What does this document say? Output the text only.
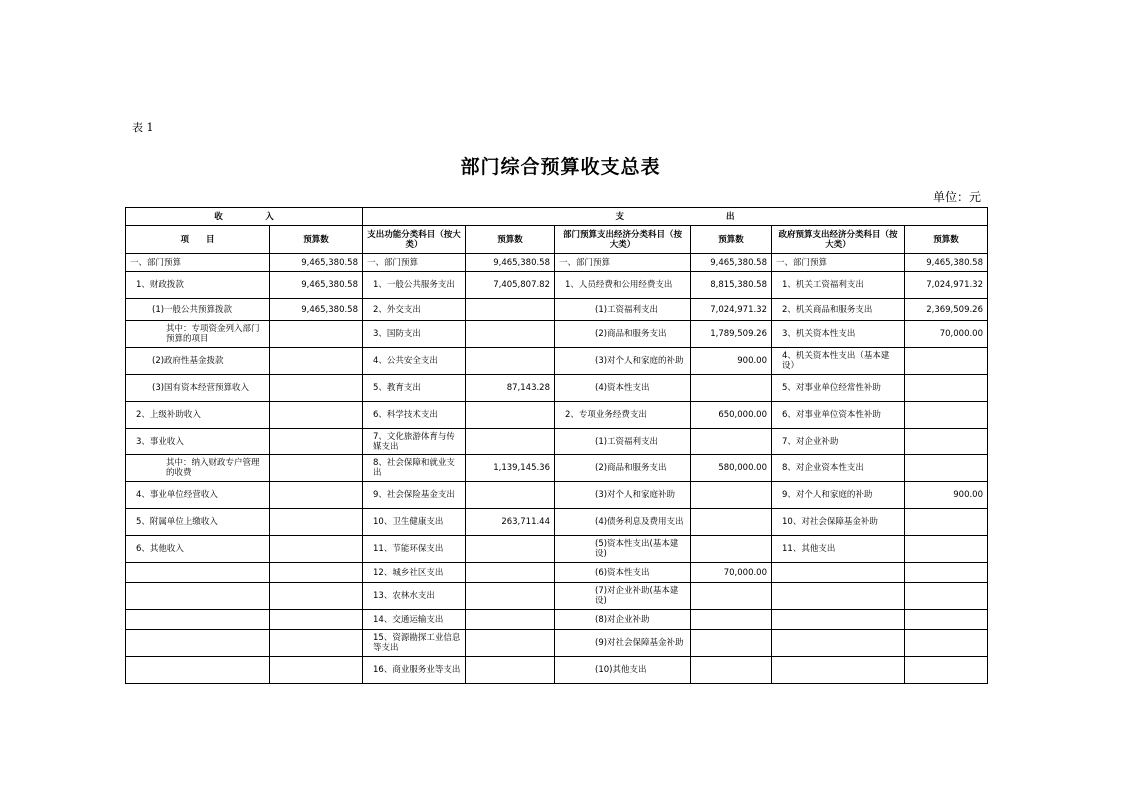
表 1
部门综合预算收支总表
单位：元
收　　　　　入		支　　　　　　　　　　　　出					
项　　目	预算数	支出功能分类科目（按大类）	预算数	部门预算支出经济分类科目（按大类）	预算数	政府预算支出经济分类科目（按大类）	预算数
一、部门预算	9,465,380.58	一、部门预算	9,465,380.58	一、部门预算	9,465,380.58	一、部门预算	9,465,380.58
1、财政拨款	9,465,380.58	1、一般公共服务支出	7,405,807.82	1、人员经费和公用经费支出	8,815,380.58	1、机关工资福利支出	7,024,971.32
(1)一般公共预算拨款	9,465,380.58	2、外交支出		(1)工资福利支出	7,024,971.32	2、机关商品和服务支出	2,369,509.26
其中：专项资金列入部门预算的项目		3、国防支出		(2)商品和服务支出	1,789,509.26	3、机关资本性支出	70,000.00
(2)政府性基金拨款		4、公共安全支出		(3)对个人和家庭的补助	900.00	4、机关资本性支出（基本建设）	
(3)国有资本经营预算收入		5、教育支出	87,143.28	(4)资本性支出		5、对事业单位经常性补助	
2、上级补助收入		6、科学技术支出		2、专项业务经费支出	650,000.00	6、对事业单位资本性补助	
3、事业收入		7、文化旅游体育与传媒支出		(1)工资福利支出		7、对企业补助	
其中：纳入财政专户管理的收费		8、社会保障和就业支出	1,139,145.36	(2)商品和服务支出	580,000.00	8、对企业资本性支出	
4、事业单位经营收入		9、社会保险基金支出		(3)对个人和家庭补助		9、对个人和家庭的补助	900.00
5、附属单位上缴收入		10、卫生健康支出	263,711.44	(4)债务利息及费用支出		10、对社会保障基金补助	
6、其他收入		11、节能环保支出		(5)资本性支出(基本建设)		11、其他支出	
		12、城乡社区支出		(6)资本性支出	70,000.00		
		13、农林水支出		(7)对企业补助(基本建设)			
		14、交通运输支出		(8)对企业补助			
		15、资源勘探工业信息等支出		(9)对社会保障基金补助			
		16、商业服务业等支出		(10)其他支出			
